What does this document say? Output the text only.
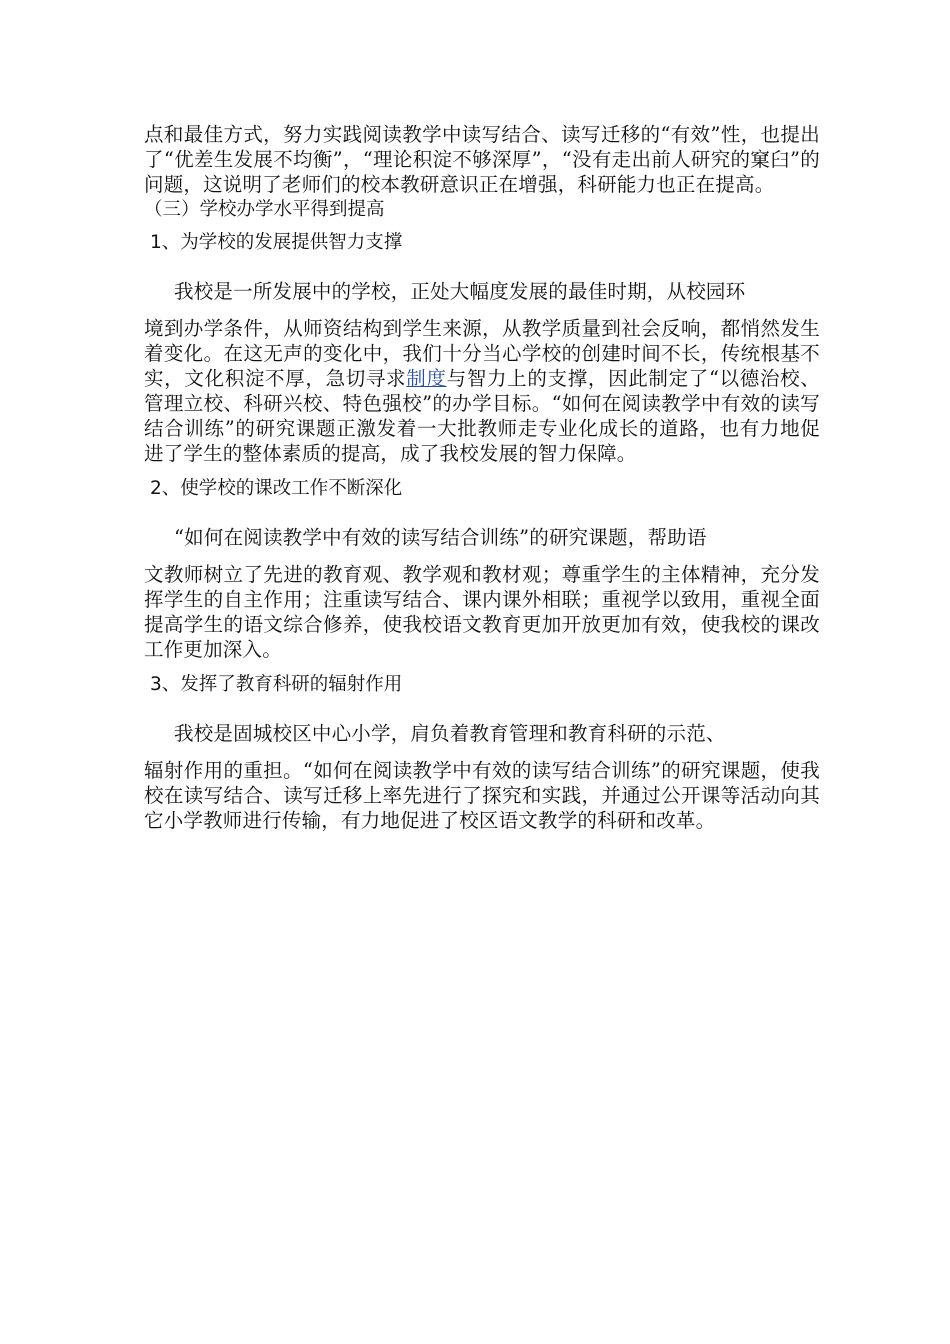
点和最佳方式，努力实践阅读教学中读写结合、读写迁移的“有效”性，也提出了“优差生发展不均衡”，“理论积淀不够深厚”，“没有走出前人研究的窠臼”的问题，这说明了老师们的校本教研意识正在增强，科研能力也正在提高。

（三）学校办学水平得到提高

1、为学校的发展提供智力支撑

我校是一所发展中的学校，正处大幅度发展的最佳时期，从校园环
境到办学条件，从师资结构到学生来源，从教学质量到社会反响，都悄然发生着变化。在这无声的变化中，我们十分当心学校的创建时间不长，传统根基不实，文化积淀不厚，急切寻求制度与智力上的支撑，因此制定了“以德治校、管理立校、科研兴校、特色强校”的办学目标。“如何在阅读教学中有效的读写结合训练”的研究课题正激发着一大批教师走专业化成长的道路，也有力地促进了学生的整体素质的提高，成了我校发展的智力保障。

2、使学校的课改工作不断深化

“如何在阅读教学中有效的读写结合训练”的研究课题，帮助语
文教师树立了先进的教育观、教学观和教材观；尊重学生的主体精神，充分发挥学生的自主作用；注重读写结合、课内课外相联；重视学以致用，重视全面提高学生的语文综合修养，使我校语文教育更加开放更加有效，使我校的课改工作更加深入。

3、发挥了教育科研的辐射作用

我校是固城校区中心小学，肩负着教育管理和教育科研的示范、
辐射作用的重担。“如何在阅读教学中有效的读写结合训练”的研究课题，使我校在读写结合、读写迁移上率先进行了探究和实践，并通过公开课等活动向其它小学教师进行传输，有力地促进了校区语文教学的科研和改革。
